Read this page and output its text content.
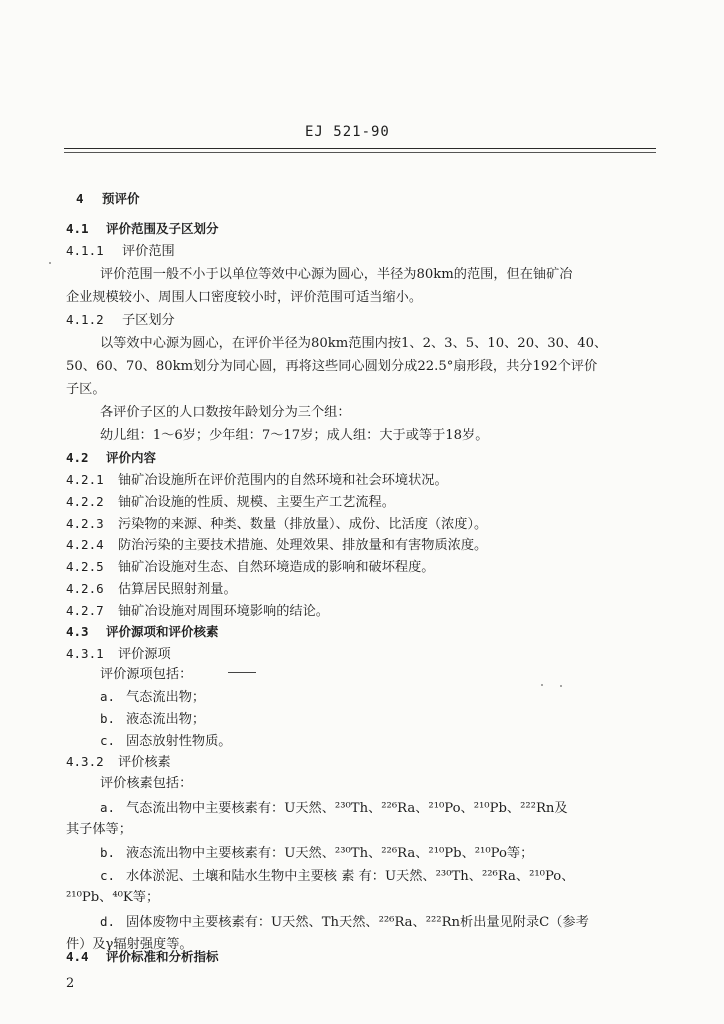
EJ 521-90
4 预评价
4.1 评价范围及子区划分
4.1.1 评价范围
评价范围一般不小于以单位等效中心源为圆心，半径为80km的范围，但在铀矿冶
企业规模较小、周围人口密度较小时，评价范围可适当缩小。
4.1.2 子区划分
以等效中心源为圆心，在评价半径为80km范围内按1、2、3、5、10、20、30、40、
50、60、70、80km划分为同心圆，再将这些同心圆划分成22.5°扇形段，共分192个评价
子区。
各评价子区的人口数按年龄划分为三个组：
幼儿组：1～6岁；少年组：7～17岁；成人组：大于或等于18岁。
4.2 评价内容
4.2.1 铀矿冶设施所在评价范围内的自然环境和社会环境状况。
4.2.2 铀矿冶设施的性质、规模、主要生产工艺流程。
4.2.3 污染物的来源、种类、数量（排放量）、成份、比活度（浓度）。
4.2.4 防治污染的主要技术措施、处理效果、排放量和有害物质浓度。
4.2.5 铀矿冶设施对生态、自然环境造成的影响和破坏程度。
4.2.6 估算居民照射剂量。
4.2.7 铀矿冶设施对周围环境影响的结论。
4.3 评价源项和评价核素
4.3.1 评价源项
评价源项包括：
a. 气态流出物；
b. 液态流出物；
c. 固态放射性物质。
4.3.2 评价核素
评价核素包括：
a. 气态流出物中主要核素有：U天然、²³⁰Th、²²⁶Ra、²¹⁰Po、²¹⁰Pb、²²²Rn及
其子体等；
b. 液态流出物中主要核素有：U天然、²³⁰Th、²²⁶Ra、²¹⁰Pb、²¹⁰Po等；
c. 水体淤泥、土壤和陆水生物中主要核 素 有：U天然、²³⁰Th、²²⁶Ra、²¹⁰Po、
²¹⁰Pb、⁴⁰K等；
d. 固体废物中主要核素有：U天然、Th天然、²²⁶Ra、²²²Rn析出量见附录C（参考
件）及γ辐射强度等。
4.4 评价标准和分析指标
2
